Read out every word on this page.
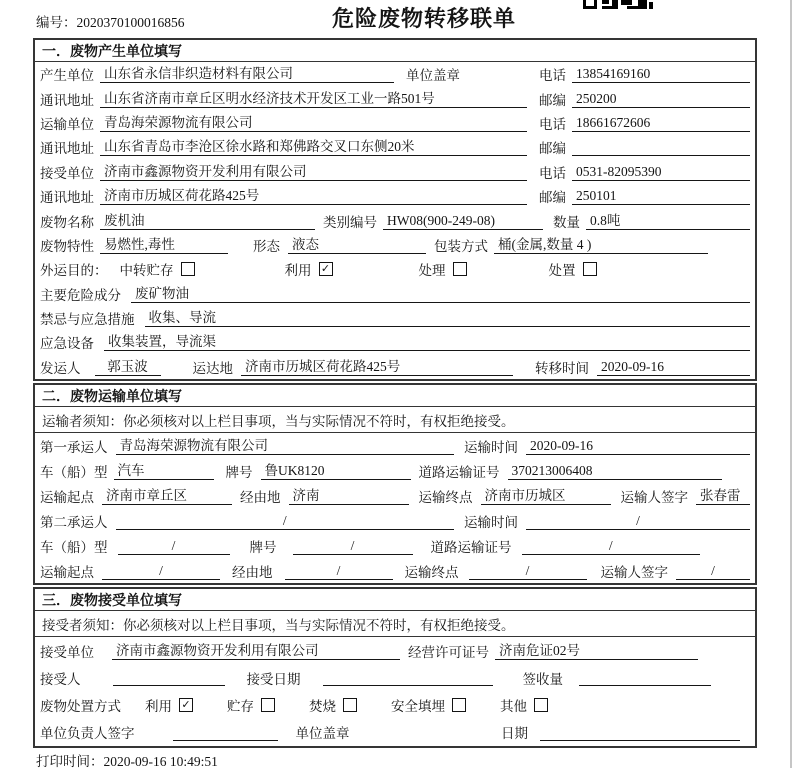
编号：2020370100016856	危险废物转移联单
一．废物产生单位填写
产生单位 山东省永信非织造材料有限公司	单位盖章	电话 13854169160
通讯地址 山东省济南市章丘区明水经济技术开发区工业一路501号	邮编 250200
运输单位 青岛海荣源物流有限公司	电话 18661672606
通讯地址 山东省青岛市李沧区徐水路和郑佛路交叉口东侧20米	邮编
接受单位 济南市鑫源物资开发利用有限公司	电话 0531-82095390
通讯地址 济南市历城区荷花路425号	邮编 250101
废物名称 废机油	类别编号 HW08(900-249-08)	数量 0.8吨
废物特性 易燃性,毒性	形态 液态	包装方式 桶(金属,数量 4 )
外运目的： 中转贮存	利用 ✓	处理	处置
主要危险成分 废矿物油
禁忌与应急措施 收集、导流
应急设备 收集装置，导流渠
发运人	郭玉波	运达地 济南市历城区荷花路425号	转移时间 2020-09-16
二．废物运输单位填写
运输者须知：你必须核对以上栏目事项，当与实际情况不符时，有权拒绝接受。
第一承运人 青岛海荣源物流有限公司	运输时间 2020-09-16
车（船）型 汽车	牌号 鲁UK8120	道路运输证号 370213006408
运输起点 济南市章丘区	经由地 济南	运输终点 济南市历城区	运输人签字 张春雷
第二承运人	/	运输时间	/
车（船）型	/	牌号	/	道路运输证号	/
运输起点	/	经由地	/	运输终点	/	运输人签字	/
三．废物接受单位填写
接受者须知：你必须核对以上栏目事项，当与实际情况不符时，有权拒绝接受。
接受单位 济南市鑫源物资开发利用有限公司	经营许可证号 济南危证02号
接受人	接受日期	签收量
废物处置方式 利用 ✓	贮存	焚烧	安全填埋	其他
单位负责人签字	单位盖章	日期
打印时间：2020-09-16 10:49:51
